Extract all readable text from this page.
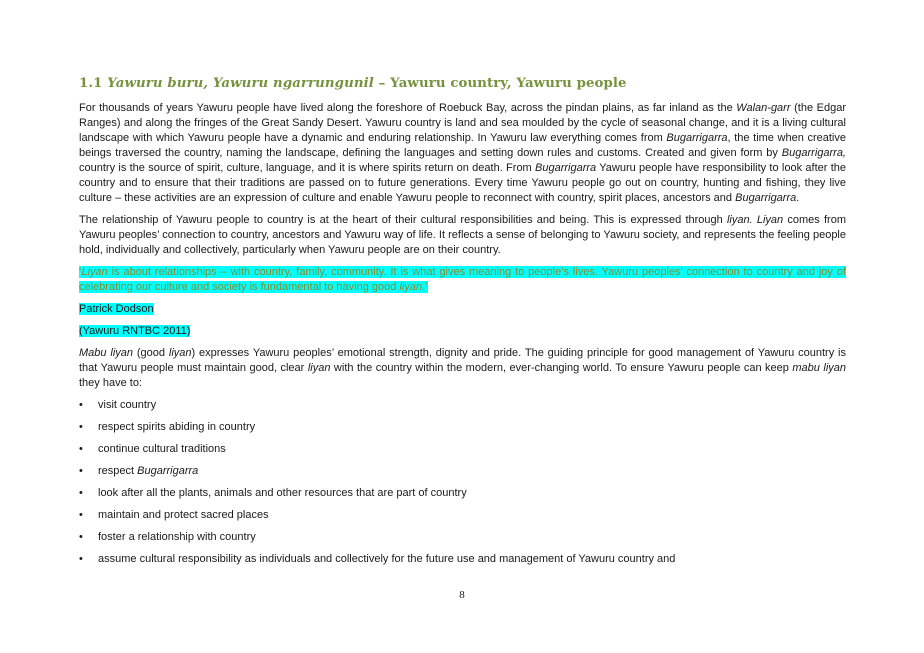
1.1 Yawuru buru, Yawuru ngarrungunil – Yawuru country, Yawuru people

For thousands of years Yawuru people have lived along the foreshore of Roebuck Bay, across the pindan plains, as far inland as the Walan-garr (the Edgar Ranges) and along the fringes of the Great Sandy Desert. Yawuru country is land and sea moulded by the cycle of seasonal change, and it is a living cultural landscape with which Yawuru people have a dynamic and enduring relationship. In Yawuru law everything comes from Bugarrigarra, the time when creative beings traversed the country, naming the landscape, defining the languages and setting down rules and customs. Created and given form by Bugarrigarra, country is the source of spirit, culture, language, and it is where spirits return on death. From Bugarrigarra Yawuru people have responsibility to look after the country and to ensure that their traditions are passed on to future generations. Every time Yawuru people go out on country, hunting and fishing, they live culture – these activities are an expression of culture and enable Yawuru people to reconnect with country, spirit places, ancestors and Bugarrigarra.

The relationship of Yawuru people to country is at the heart of their cultural responsibilities and being. This is expressed through liyan. Liyan comes from Yawuru peoples’ connection to country, ancestors and Yawuru way of life. It reflects a sense of belonging to Yawuru society, and represents the feeling people hold, individually and collectively, particularly when Yawuru people are on their country.

‘Liyan is about relationships – with country, family, community. It is what gives meaning to people’s lives. Yawuru peoples’ connection to country and joy of celebrating our culture and society is fundamental to having good liyan.’

Patrick Dodson

(Yawuru RNTBC 2011)

Mabu liyan (good liyan) expresses Yawuru peoples’ emotional strength, dignity and pride. The guiding principle for good management of Yawuru country is that Yawuru people must maintain good, clear liyan with the country within the modern, ever-changing world. To ensure Yawuru people can keep mabu liyan they have to:

• visit country
• respect spirits abiding in country
• continue cultural traditions
• respect Bugarrigarra
• look after all the plants, animals and other resources that are part of country
• maintain and protect sacred places
• foster a relationship with country
• assume cultural responsibility as individuals and collectively for the future use and management of Yawuru country and
8
